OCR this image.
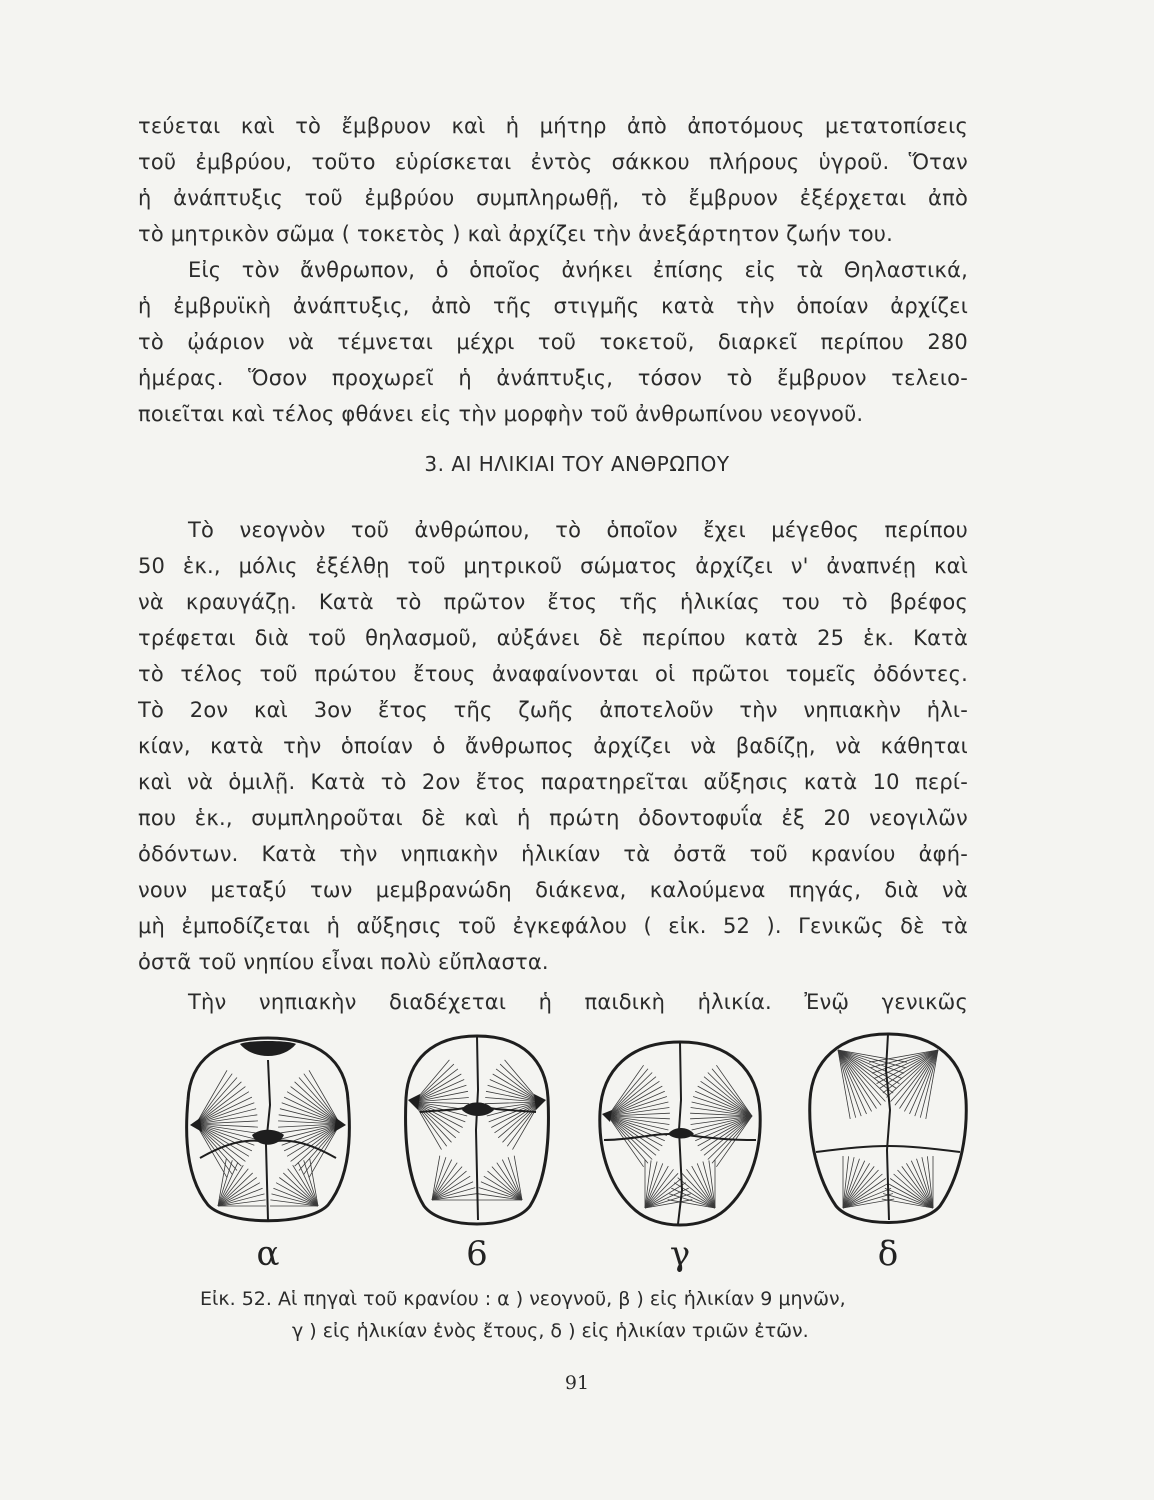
τεύεται καὶ τὸ ἔμβρυον καὶ ἡ μήτηρ ἀπὸ ἀποτόμους μετατοπίσεις
τοῦ ἐμβρύου, τοῦτο εὑρίσκεται ἐντὸς σάκκου πλήρους ὑγροῦ. Ὅταν
ἡ ἀνάπτυξις τοῦ ἐμβρύου συμπληρωθῇ, τὸ ἔμβρυον ἐξέρχεται ἀπὸ
τὸ μητρικὸν σῶμα ( τοκετὸς ) καὶ ἀρχίζει τὴν ἀνεξάρτητον ζωήν του.
Εἰς τὸν ἄνθρωπον, ὁ ὁποῖος ἀνήκει ἐπίσης εἰς τὰ Θηλαστικά,
ἡ ἐμβρυϊκὴ ἀνάπτυξις, ἀπὸ τῆς στιγμῆς κατὰ τὴν ὁποίαν ἀρχίζει
τὸ ᾠάριον νὰ τέμνεται μέχρι τοῦ τοκετοῦ, διαρκεῖ περίπου 280
ἡμέρας. Ὅσον προχωρεῖ ἡ ἀνάπτυξις, τόσον τὸ ἔμβρυον τελειο-
ποιεῖται καὶ τέλος φθάνει εἰς τὴν μορφὴν τοῦ ἀνθρωπίνου νεογνοῦ.
3. ΑΙ ΗΛΙΚΙΑΙ ΤΟΥ ΑΝΘΡΩΠΟΥ
Τὸ νεογνὸν τοῦ ἀνθρώπου, τὸ ὁποῖον ἔχει μέγεθος περίπου
50 ἑκ., μόλις ἐξέλθῃ τοῦ μητρικοῦ σώματος ἀρχίζει ν' ἀναπνέῃ καὶ
νὰ κραυγάζῃ. Κατὰ τὸ πρῶτον ἔτος τῆς ἡλικίας του τὸ βρέφος
τρέφεται διὰ τοῦ θηλασμοῦ, αὐξάνει δὲ περίπου κατὰ 25 ἑκ. Κατὰ
τὸ τέλος τοῦ πρώτου ἔτους ἀναφαίνονται οἱ πρῶτοι τομεῖς ὀδόντες.
Τὸ 2ον καὶ 3ον ἔτος τῆς ζωῆς ἀποτελοῦν τὴν νηπιακὴν ἡλι-
κίαν, κατὰ τὴν ὁποίαν ὁ ἄνθρωπος ἀρχίζει νὰ βαδίζῃ, νὰ κάθηται
καὶ νὰ ὁμιλῇ. Κατὰ τὸ 2ον ἔτος παρατηρεῖται αὔξησις κατὰ 10 περί-
που ἑκ., συμπληροῦται δὲ καὶ ἡ πρώτη ὀδοντοφυΐα ἐξ 20 νεογιλῶν
ὀδόντων. Κατὰ τὴν νηπιακὴν ἡλικίαν τὰ ὀστᾶ τοῦ κρανίου ἀφή-
νουν μεταξύ των μεμβρανώδη διάκενα, καλούμενα πηγάς, διὰ νὰ
μὴ ἐμποδίζεται ἡ αὔξησις τοῦ ἐγκεφάλου ( εἰκ. 52 ). Γενικῶς δὲ τὰ
ὀστᾶ τοῦ νηπίου εἶναι πολὺ εὔπλαστα.
Τὴν νηπιακὴν διαδέχεται ἡ παιδικὴ ἡλικία. Ἐνῷ γενικῶς
α	6	γ	δ
Εἰκ. 52. Αἱ πηγαὶ τοῦ κρανίου : α ) νεογνοῦ, β ) εἰς ἡλικίαν 9 μηνῶν,
γ ) εἰς ἡλικίαν ἑνὸς ἔτους, δ ) εἰς ἡλικίαν τριῶν ἐτῶν.
91
